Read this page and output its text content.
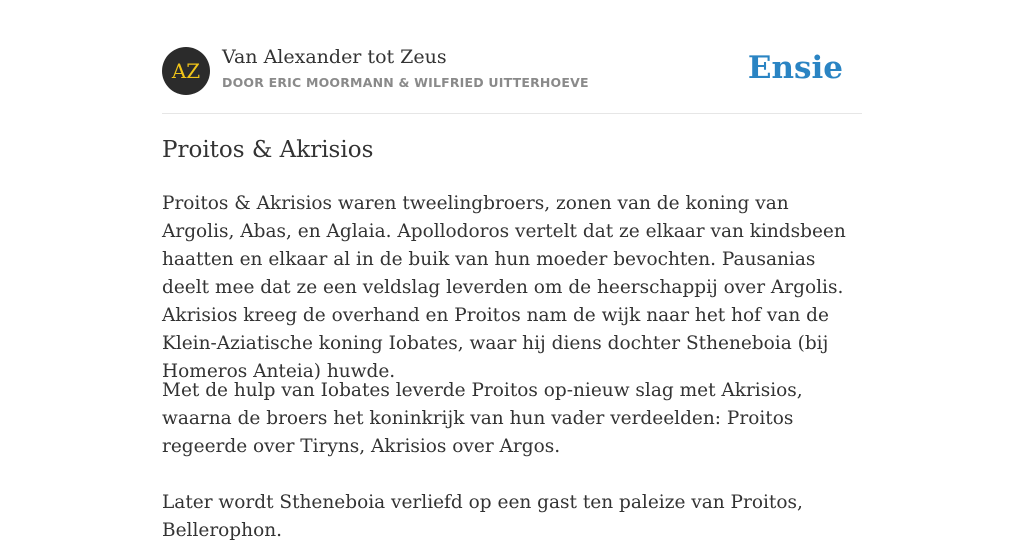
AZ
Van Alexander tot Zeus
DOOR ERIC MOORMANN & WILFRIED UITTERHOEVE	Ensie
Proitos & Akrisios

Proitos & Akrisios waren tweelingbroers, zonen van de koning van Argolis, Abas, en Aglaia. Apollodoros vertelt dat ze elkaar van kindsbeen haatten en elkaar al in de buik van hun moeder bevochten. Pausanias deelt mee dat ze een veldslag leverden om de heerschappij over Argolis. Akrisios kreeg de overhand en Proitos nam de wijk naar het hof van de Klein-Aziatische koning Iobates, waar hij diens dochter Stheneboia (bij Homeros Anteia) huwde.

Met de hulp van Iobates leverde Proitos op-nieuw slag met Akrisios, waarna de broers het koninkrijk van hun vader verdeelden: Proitos regeerde over Tiryns, Akrisios over Argos.

Later wordt Stheneboia verliefd op een gast ten paleize van Proitos, Bellerophon.
